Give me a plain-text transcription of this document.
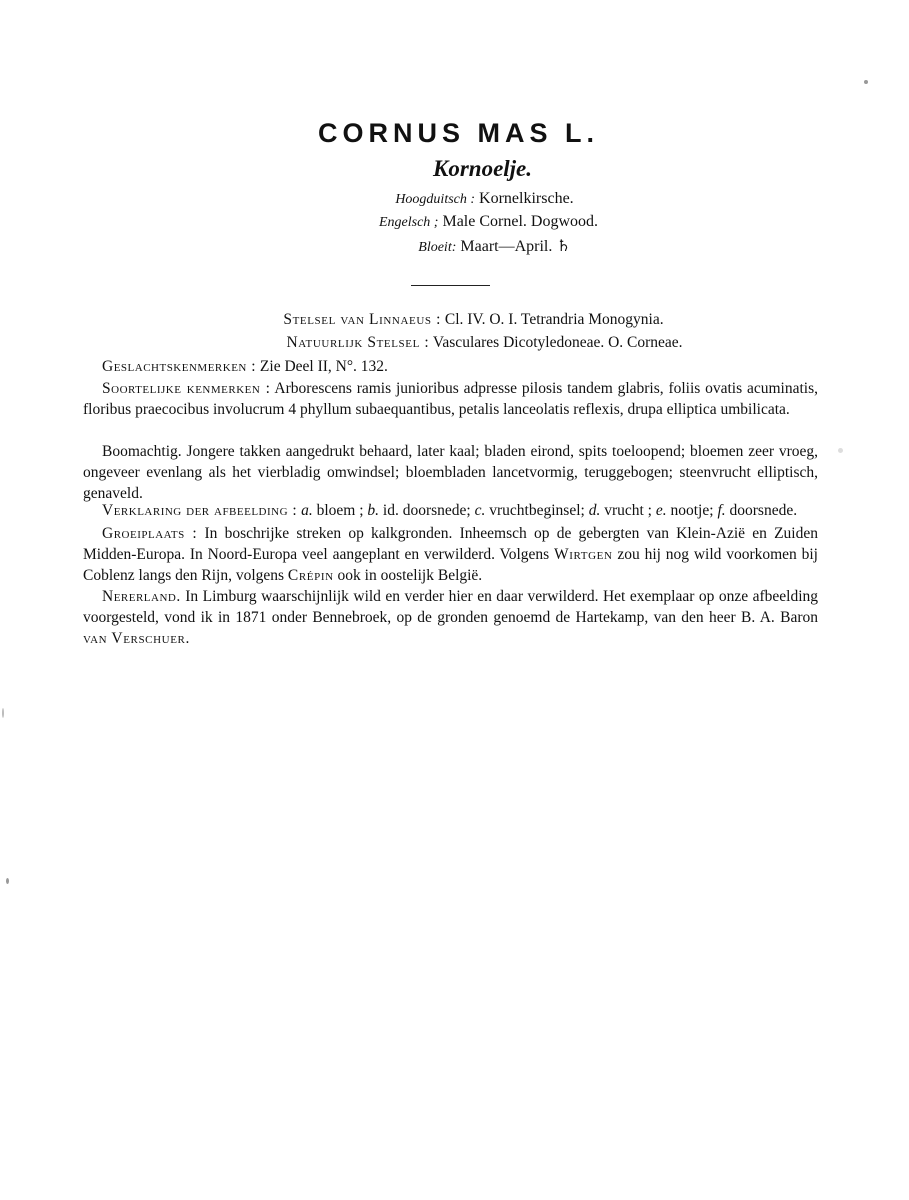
CORNUS MAS L.
Kornoelje.
Hoogduitsch : Kornelkirsche.
Engelsch ; Male Cornel. Dogwood.
Bloeit: Maart—April. ♄
Stelsel van Linnaeus : Cl. IV. O. I. Tetrandria Monogynia.
Natuurlijk Stelsel : Vasculares Dicotyledoneae. O. Corneae.
Geslachtskenmerken : Zie Deel II, N°. 132.
Soortelijke kenmerken : Arborescens ramis junioribus adpresse pilosis tandem glabris, foliis ovatis acuminatis, floribus praecocibus involucrum 4 phyllum subaequantibus, petalis lanceolatis reflexis, drupa elliptica umbilicata.
Boomachtig. Jongere takken aangedrukt behaard, later kaal; bladen eirond, spits toeloopend; bloemen zeer vroeg, ongeveer evenlang als het vierbladig omwindsel; bloembladen lancetvormig, teruggebogen; steenvrucht elliptisch, genaveld.
Verklaring der afbeelding : a. bloem ; b. id. doorsnede; c. vruchtbeginsel; d. vrucht ; e. nootje; f. doorsnede.
Groeiplaats : In boschrijke streken op kalkgronden. Inheemsch op de gebergten van Klein-Azië en Zuiden Midden-Europa. In Noord-Europa veel aangeplant en verwilderd. Volgens Wirtgen zou hij nog wild voorkomen bij Coblenz langs den Rijn, volgens Crépin ook in oostelijk België.
Nererland. In Limburg waarschijnlijk wild en verder hier en daar verwilderd. Het exemplaar op onze afbeelding voorgesteld, vond ik in 1871 onder Bennebroek, op de gronden genoemd de Hartekamp, van den heer B. A. Baron van Verschuer.
